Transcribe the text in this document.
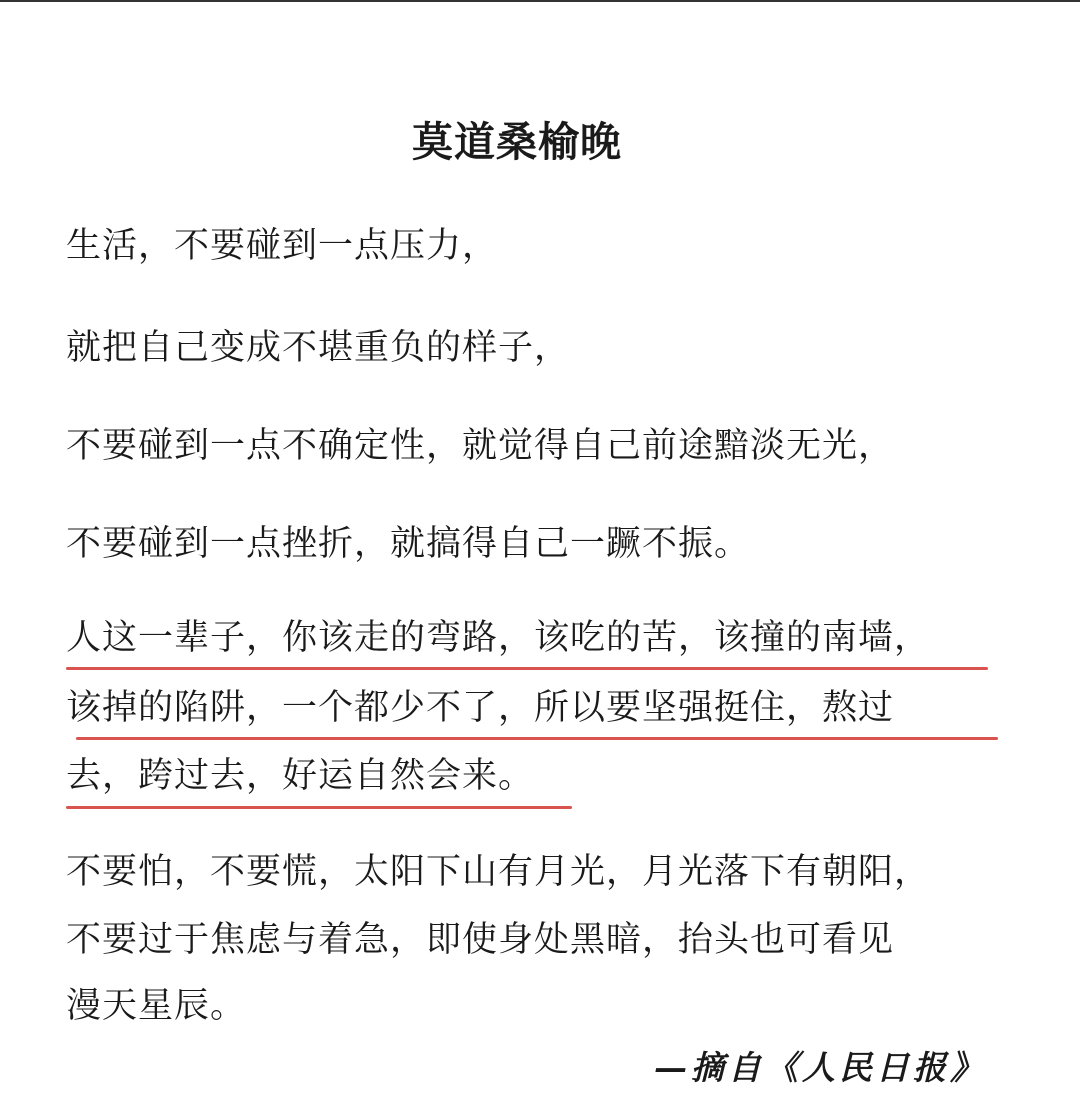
莫道桑榆晚
生活，不要碰到一点压力，
就把自己变成不堪重负的样子，
不要碰到一点不确定性，就觉得自己前途黯淡无光，
不要碰到一点挫折，就搞得自己一蹶不振。
人这一辈子，你该走的弯路，该吃的苦，该撞的南墙，
该掉的陷阱，一个都少不了，所以要坚强挺住，熬过
去，跨过去，好运自然会来。
不要怕，不要慌，太阳下山有月光，月光落下有朝阳，
不要过于焦虑与着急，即使身处黑暗，抬头也可看见
漫天星辰。
—摘自《人民日报》
